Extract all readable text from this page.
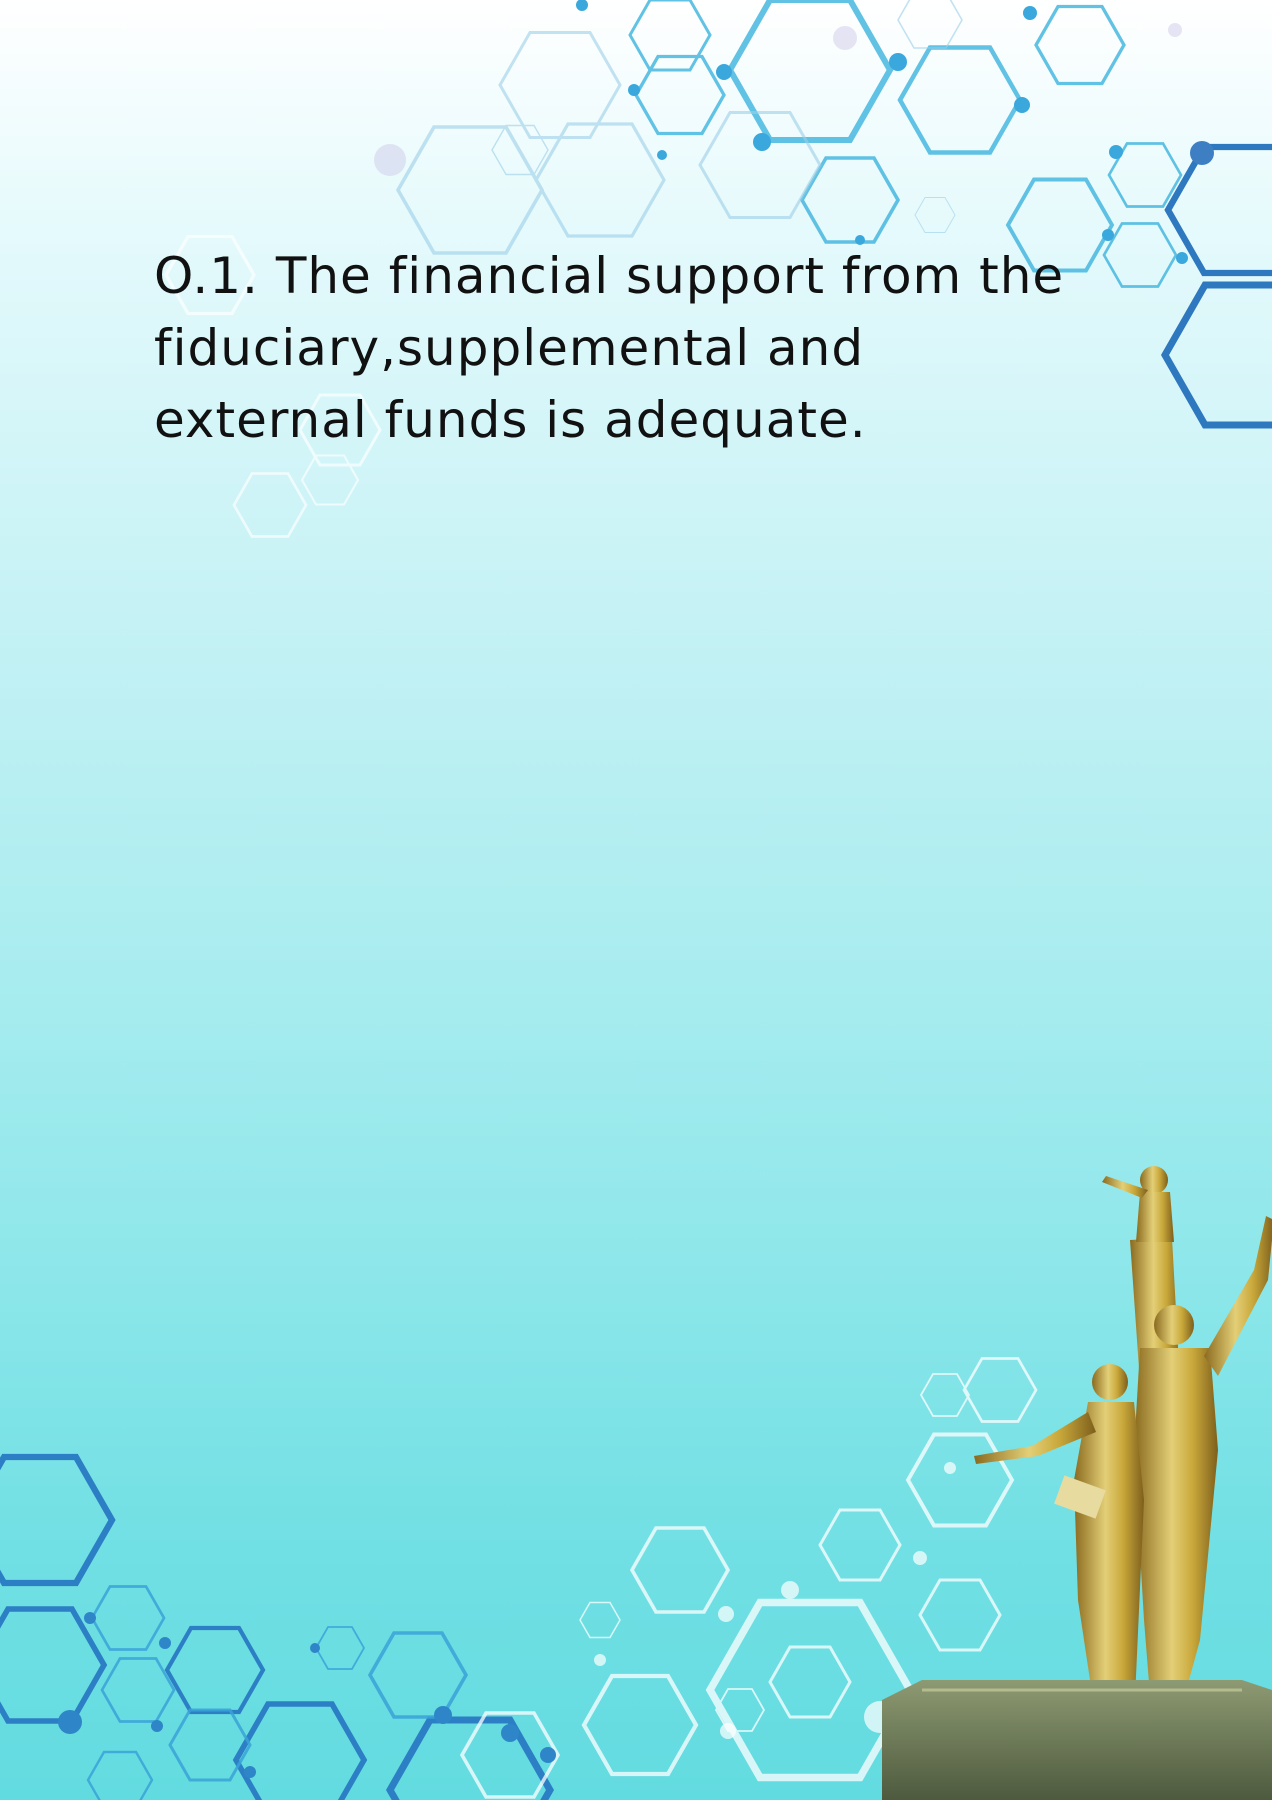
O.1. The financial support from the fiduciary,supplemental and external funds is adequate.
